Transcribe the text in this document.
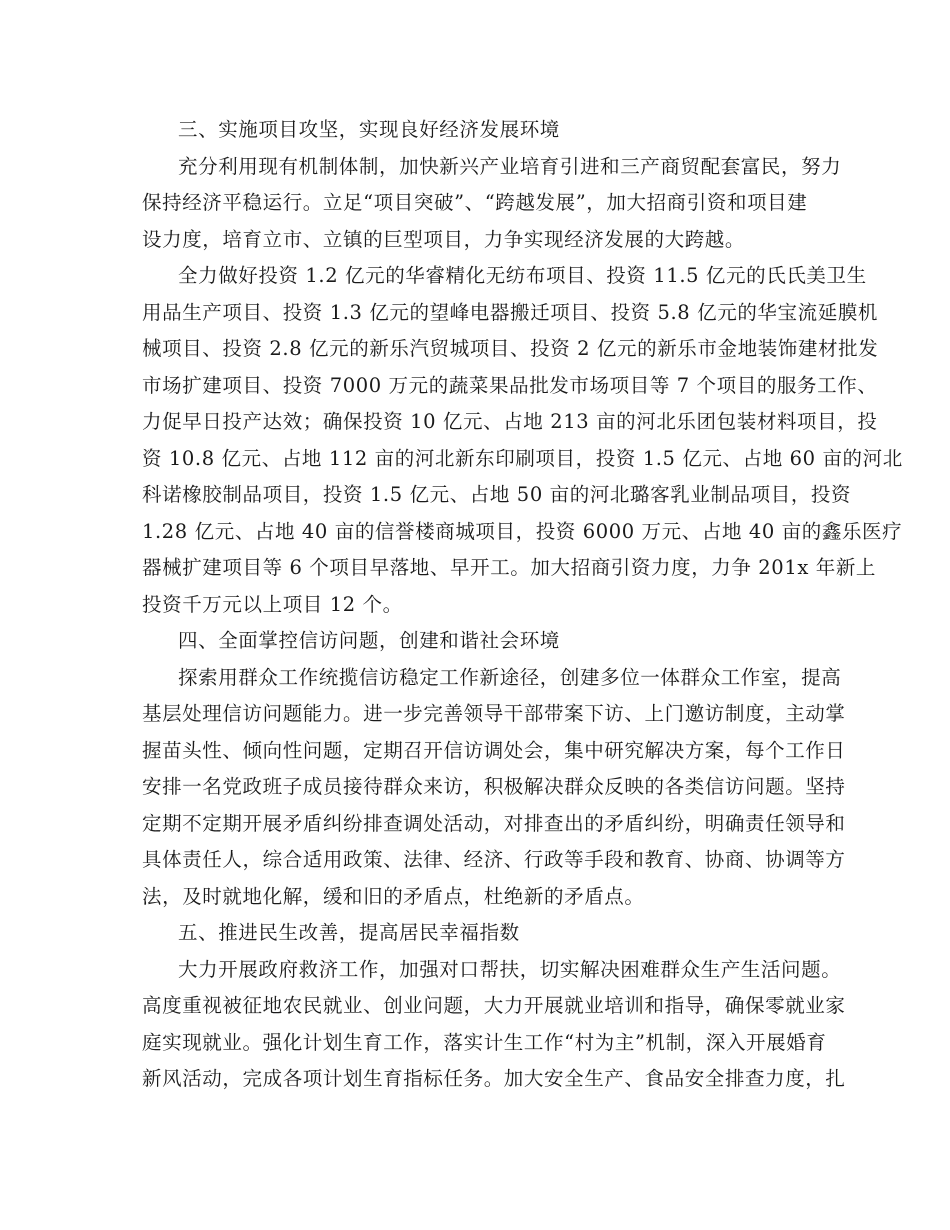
三、实施项目攻坚，实现良好经济发展环境
充分利用现有机制体制，加快新兴产业培育引进和三产商贸配套富民，努力
保持经济平稳运行。立足“项目突破”、“跨越发展”，加大招商引资和项目建
设力度，培育立市、立镇的巨型项目，力争实现经济发展的大跨越。
全力做好投资 1.2 亿元的华睿精化无纺布项目、投资 11.5 亿元的氏氏美卫生
用品生产项目、投资 1.3 亿元的望峰电器搬迁项目、投资 5.8 亿元的华宝流延膜机
械项目、投资 2.8 亿元的新乐汽贸城项目、投资 2 亿元的新乐市金地装饰建材批发
市场扩建项目、投资 7000 万元的蔬菜果品批发市场项目等 7 个项目的服务工作、
力促早日投产达效；确保投资 10 亿元、占地 213 亩的河北乐团包装材料项目，投
资 10.8 亿元、占地 112 亩的河北新东印刷项目，投资 1.5 亿元、占地 60 亩的河北
科诺橡胶制品项目，投资 1.5 亿元、占地 50 亩的河北璐客乳业制品项目，投资
1.28 亿元、占地 40 亩的信誉楼商城项目，投资 6000 万元、占地 40 亩的鑫乐医疗
器械扩建项目等 6 个项目早落地、早开工。加大招商引资力度，力争 201x 年新上
投资千万元以上项目 12 个。
四、全面掌控信访问题，创建和谐社会环境
探索用群众工作统揽信访稳定工作新途径，创建多位一体群众工作室，提高
基层处理信访问题能力。进一步完善领导干部带案下访、上门邀访制度，主动掌
握苗头性、倾向性问题，定期召开信访调处会，集中研究解决方案，每个工作日
安排一名党政班子成员接待群众来访，积极解决群众反映的各类信访问题。坚持
定期不定期开展矛盾纠纷排查调处活动，对排查出的矛盾纠纷，明确责任领导和
具体责任人，综合适用政策、法律、经济、行政等手段和教育、协商、协调等方
法，及时就地化解，缓和旧的矛盾点，杜绝新的矛盾点。
五、推进民生改善，提高居民幸福指数
大力开展政府救济工作，加强对口帮扶，切实解决困难群众生产生活问题。
高度重视被征地农民就业、创业问题，大力开展就业培训和指导，确保零就业家
庭实现就业。强化计划生育工作，落实计生工作“村为主”机制，深入开展婚育
新风活动，完成各项计划生育指标任务。加大安全生产、食品安全排查力度，扎
